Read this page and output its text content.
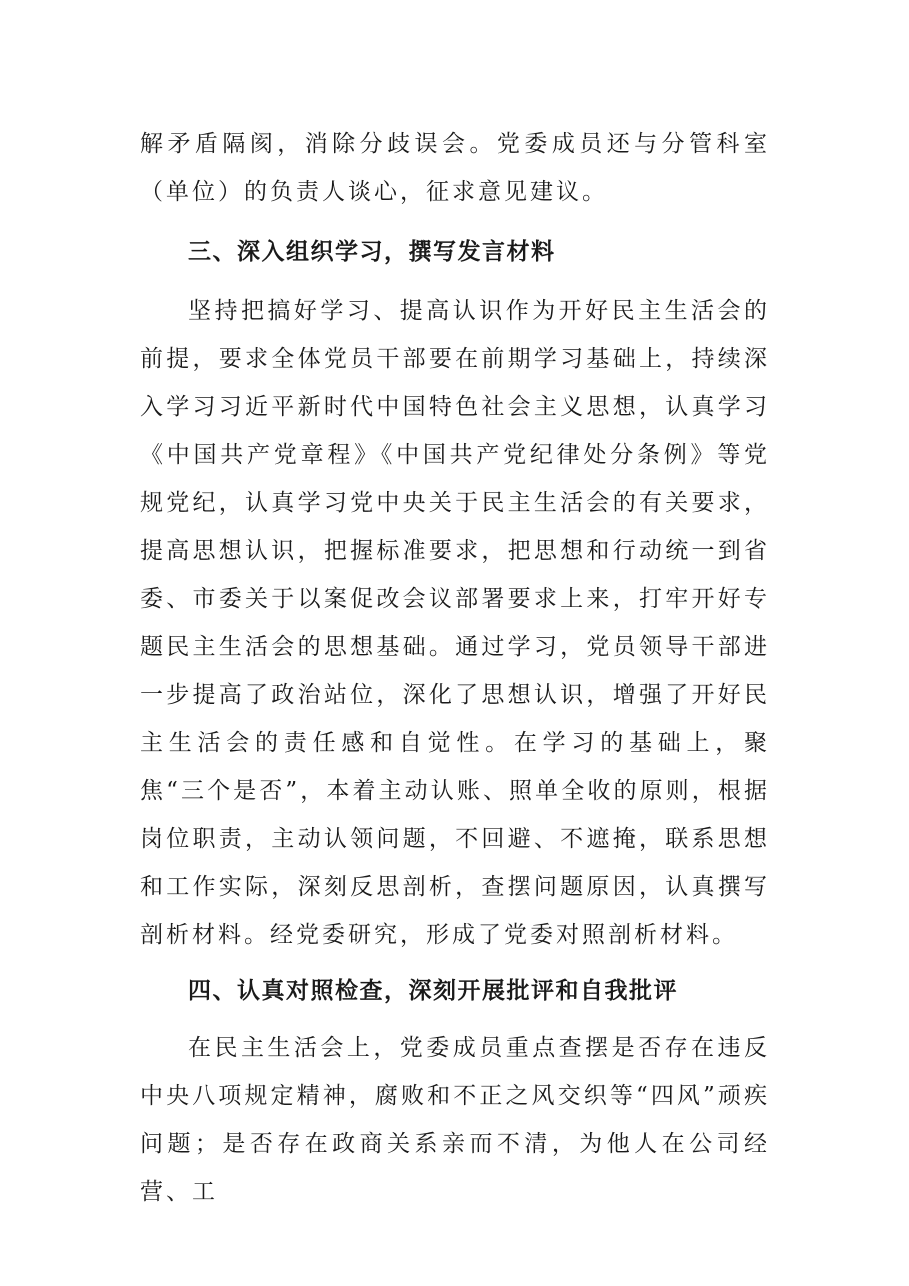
解矛盾隔阂，消除分歧误会。党委成员还与分管科室（单位）的负责人谈心，征求意见建议。

三、深入组织学习，撰写发言材料

坚持把搞好学习、提高认识作为开好民主生活会的前提，要求全体党员干部要在前期学习基础上，持续深入学习习近平新时代中国特色社会主义思想，认真学习《中国共产党章程》《中国共产党纪律处分条例》等党规党纪，认真学习党中央关于民主生活会的有关要求，提高思想认识，把握标准要求，把思想和行动统一到省委、市委关于以案促改会议部署要求上来，打牢开好专题民主生活会的思想基础。通过学习，党员领导干部进一步提高了政治站位，深化了思想认识，增强了开好民主生活会的责任感和自觉性。在学习的基础上，聚焦“三个是否”，本着主动认账、照单全收的原则，根据岗位职责，主动认领问题，不回避、不遮掩，联系思想和工作实际，深刻反思剖析，查摆问题原因，认真撰写剖析材料。经党委研究，形成了党委对照剖析材料。

四、认真对照检查，深刻开展批评和自我批评

在民主生活会上，党委成员重点查摆是否存在违反中央八项规定精神，腐败和不正之风交织等“四风”顽疾问题；是否存在政商关系亲而不清，为他人在公司经营、工
